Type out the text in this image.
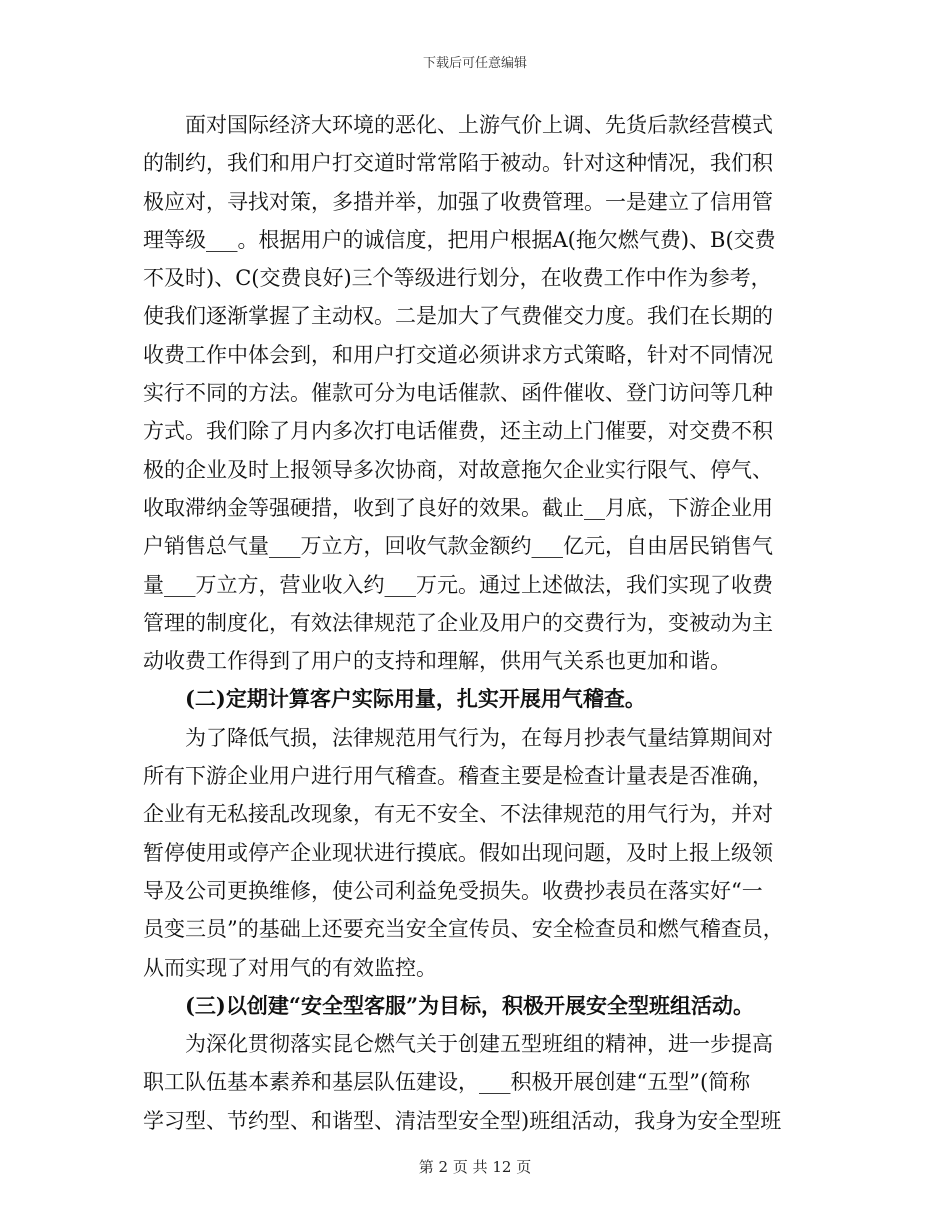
下载后可任意编辑
　　面对国际经济大环境的恶化、上游气价上调、先货后款经营模式
的制约，我们和用户打交道时常常陷于被动。针对这种情况，我们积
极应对，寻找对策，多措并举，加强了收费管理。一是建立了信用管
理等级___。根据用户的诚信度，把用户根据A(拖欠燃气费)、B(交费
不及时)、C(交费良好)三个等级进行划分，在收费工作中作为参考，
使我们逐渐掌握了主动权。二是加大了气费催交力度。我们在长期的
收费工作中体会到，和用户打交道必须讲求方式策略，针对不同情况
实行不同的方法。催款可分为电话催款、函件催收、登门访问等几种
方式。我们除了月内多次打电话催费，还主动上门催要，对交费不积
极的企业及时上报领导多次协商，对故意拖欠企业实行限气、停气、
收取滞纳金等强硬措，收到了良好的效果。截止__月底，下游企业用
户销售总气量___万立方，回收气款金额约___亿元，自由居民销售气
量___万立方，营业收入约___万元。通过上述做法，我们实现了收费
管理的制度化，有效法律规范了企业及用户的交费行为，变被动为主
动收费工作得到了用户的支持和理解，供用气关系也更加和谐。
　　(二)定期计算客户实际用量，扎实开展用气稽查。
　　为了降低气损，法律规范用气行为，在每月抄表气量结算期间对
所有下游企业用户进行用气稽查。稽查主要是检查计量表是否准确，
企业有无私接乱改现象，有无不安全、不法律规范的用气行为，并对
暂停使用或停产企业现状进行摸底。假如出现问题，及时上报上级领
导及公司更换维修，使公司利益免受损失。收费抄表员在落实好“一
员变三员”的基础上还要充当安全宣传员、安全检查员和燃气稽查员，
从而实现了对用气的有效监控。
　　(三)以创建“安全型客服”为目标，积极开展安全型班组活动。
　　为深化贯彻落实昆仑燃气关于创建五型班组的精神，进一步提高
职工队伍基本素养和基层队伍建设，___积极开展创建“五型”(简称
学习型、节约型、和谐型、清洁型安全型)班组活动，我身为安全型班
第 2 页 共 12 页
